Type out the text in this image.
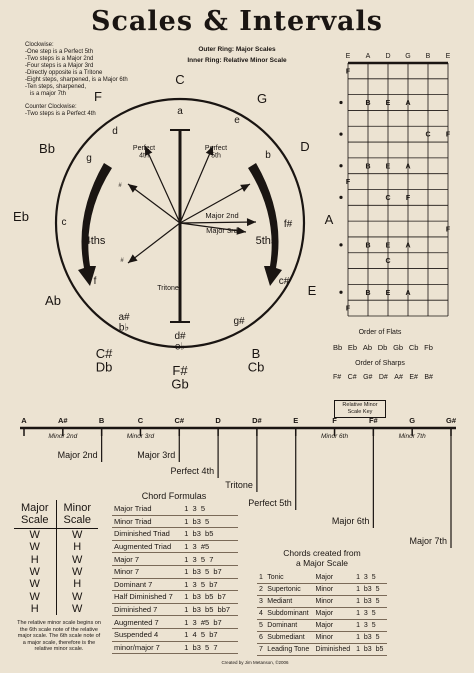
Scales & Intervals
Outer Ring: Major Scales
Inner Ring: Relative Minor Scale
Clockwise:
-One step is a Perfect 5th
-Two steps is a Major 2nd
-Four steps is a Major 3rd
-Directly opposite is a Tritone
-Eight steps, sharpened, is a Major 6th
-Ten steps, sharpened,
is a major 7th
Counter Clockwise:
-Two steps is a Perfect 4th
C
G
D
A
E
B
Cb
F#
Gb
C#
Db
Ab
Eb
Bb
F
a
e
b
f#
c#
g#
d#
e♭
a#
b♭
f
c
g
d
Perfect
4th
Perfect
5th
Major 2nd
Major 3rd
Tritone
#
#
4ths	5ths
E A D G B E
F
B E A
C F
B E A
F
C F
F
B E A
C
B E A
F
A	A#	B	C	C#	D	D#	E	F	F#	G	G#
Minor 2nd	Minor 3rd	Minor 6th	Minor 7th
Major 2nd	Major 3rd
Perfect 4th
Tritone
Perfect 5th
Major 6th
Major 7th
Order of Flats
Bb Eb Ab Db Gb Cb Fb
Order of Sharps
F# C# G# D# A# E# B#
Relative Minor
Scale Key
Chord Formulas
Major Triad	1  3  5
Minor Triad	1  b3  5
Diminished Triad	1  b3  b5
Augmented Triad	1  3  #5
Major 7	1  3  5  7
Minor 7	1  b3  5  b7
Dominant 7	1  3  5  b7
Half Diminished 7	1  b3  b5  b7
Diminished 7	1  b3  b5  bb7
Augmented 7	1  3  #5  b7
Suspended 4	1  4  5  b7
minor/major 7	1  b3  5  7
Major
Scale	Minor
Scale
W	W
W	H
H	W
W	W
W	H
W	W
H	W
The relative minor scale begins on the 6th scale note of the relative major scale. The 6th scale note of a major scale, therefore is the relative minor scale.
Chords created from
a Major Scale
1	Tonic	Major	1  3  5
2	Supertonic	Minor	1  b3  5
3	Mediant	Minor	1  b3  5
4	Subdominant	Major	1  3  5
5	Dominant	Major	1  3  5
6	Submediant	Minor	1  b3  5
7	Leading Tone	Diminished	1  b3  b5
Created by Jim Metanson, ©2006
